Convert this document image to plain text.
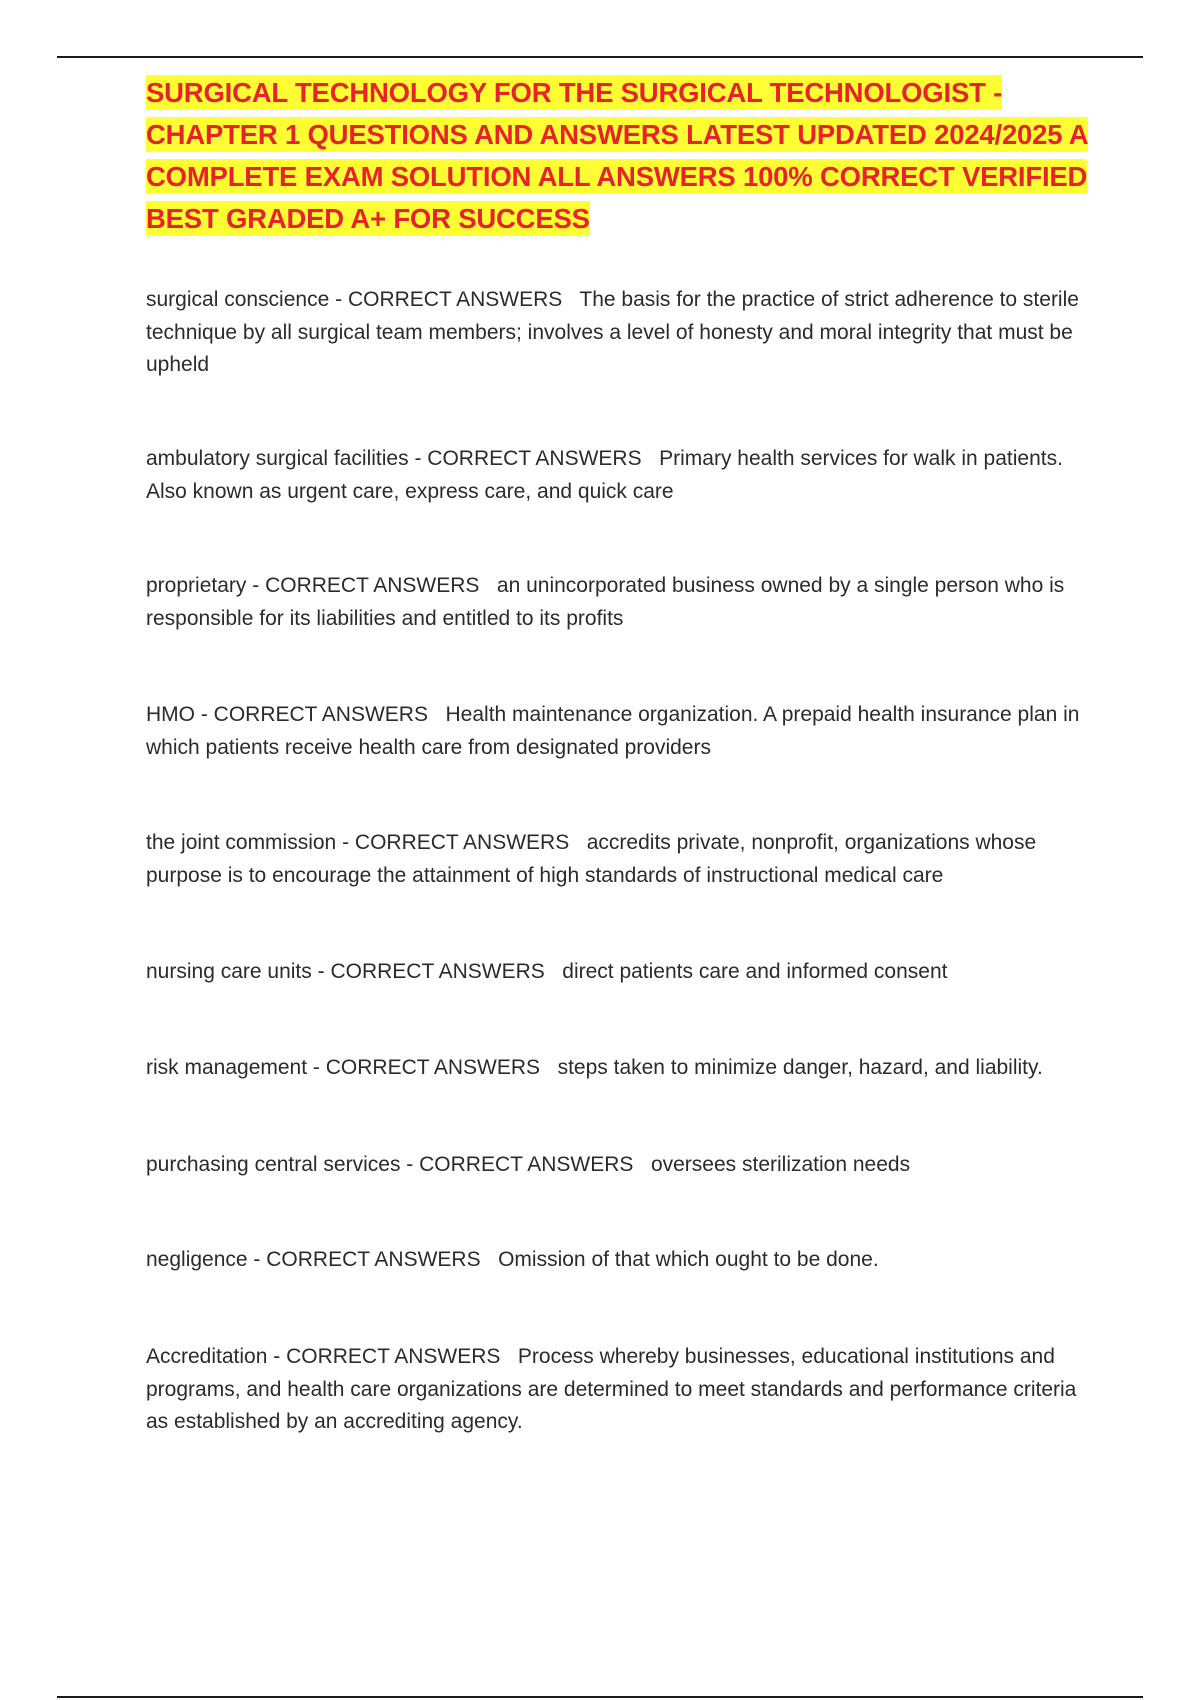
SURGICAL TECHNOLOGY FOR THE SURGICAL TECHNOLOGIST - CHAPTER 1 QUESTIONS AND ANSWERS LATEST UPDATED 2024/2025 A COMPLETE EXAM SOLUTION ALL ANSWERS 100% CORRECT VERIFIED BEST GRADED A+ FOR SUCCESS

surgical conscience - CORRECT ANSWERS The basis for the practice of strict adherence to sterile technique by all surgical team members; involves a level of honesty and moral integrity that must be upheld

ambulatory surgical facilities - CORRECT ANSWERS Primary health services for walk in patients. Also known as urgent care, express care, and quick care

proprietary - CORRECT ANSWERS an unincorporated business owned by a single person who is responsible for its liabilities and entitled to its profits

HMO - CORRECT ANSWERS Health maintenance organization. A prepaid health insurance plan in which patients receive health care from designated providers

the joint commission - CORRECT ANSWERS accredits private, nonprofit, organizations whose purpose is to encourage the attainment of high standards of instructional medical care

nursing care units - CORRECT ANSWERS direct patients care and informed consent

risk management - CORRECT ANSWERS steps taken to minimize danger, hazard, and liability.

purchasing central services - CORRECT ANSWERS oversees sterilization needs

negligence - CORRECT ANSWERS Omission of that which ought to be done.

Accreditation - CORRECT ANSWERS Process whereby businesses, educational institutions and programs, and health care organizations are determined to meet standards and performance criteria as established by an accrediting agency.
